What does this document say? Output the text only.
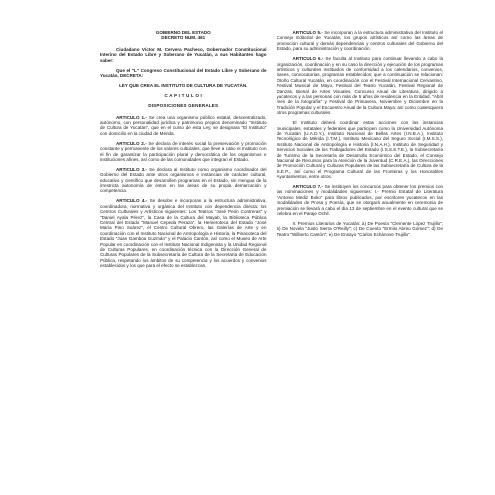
GOBIERNO DEL ESTADO

DECRETO NUM. 461

Ciudadano Víctor M. Cervera Pacheco, Gobernador Constitucional Interino del Estado Libre y Soberano de Yucatán, a sus Habitantes hago saber:

Que el "L" Congreso Constitucional del Estado Libre y Soberano de Yucatán, DECRETA:

LEY QUE CREA EL INSTITUTO DE CULTURA DE YUCATÁN.

C A P I T U L O I

DISPOSICIONES GENERALES

ARTICULO 1.- Se crea una organismo público estatal, descentralizado, autónomo, con personalidad jurídica y patrimonio propios denominado "Instituto de Cultura de Yucatán", que en el curso de esta Ley, se designara "El Instituto" con domicilio en la ciudad de Mérida.

ARTICULO 2.- Se declara de interés social la preservación y promoción constante y permanente de los valores culturales, que lleve a cabo el Instituto con el fin de garantizar la participación plural y democrática de los organismos e instituciones afines, así como de las comunidades que integran el Estado.

ARTICULO 3.- Se declara al Instituto como organismo coordinador del Gobierno del Estado ante otros organismos e instancias de carácter cultural, educativo y científico que desarrollen programas en el Estado, sin mengua de la irrestricta autonomía de éstos en las áreas de su propia demarcación y competencia.

ARTICULO 4.- Se desobe e incorporan a la estructura administrativa, coordinadora, normativa y orgánica del Instituto con dependencia directa: los Centros Culturales y Artísticos siguientes: Los Teatros "José Peón Contreras" y "Daniel Ayala Pérez", la Casa de la Cultura del Mayab, la Biblioteca Pública Central del Estado "Manuel Cepeda Peraza", la Hemeroteca del Estado "José María Pino Suárez", el Centro Cultural Obrero, las Galerías de Arte y en coordinación con el Instituto Nacional de Antropología e Historia, la Pinacoteca del Estado "Juan Gamboa Guzmán" y el Palacio Cantón, así como el Museo de Arte Popular en coordinación con el Instituto Nacional Indigenista y la Unidad Regional de Culturas Populares, en coordinación técnica con la Dirección General de Culturas Populares de la Subsecretaría de Cultura de la Secretaría de Educación Pública, respetando los ámbitos de su competencia y los acuerdos y convenios establecidos y los que para el efecto se establezcan.

ARTICULO 5.- Se incorporan a la estructura administrativa del Instituto el Consejo Editorial de Yucatán, los grupos artísticos así como las áreas de promoción cultural y demás dependencias y centros culturales del Gobierno del Estado, para su administración y coordinación.

ARTICULO 6.- Se faculta al Instituto para continuar llevando a cabo la organización, coordinación y en su caso la dirección y ejecución de los programas artísticos y culturales instituidos de conformidad a los calendarios, convenios, bases, convocatorias, programas establecidos; que a continuación se relacionan: Otoño Cultural Yucatán, en coordinación con el Festival Internacional Cervantino, Festival Musical de Mayo, Festival del Teatro Yucatán, Festival Regional de Danzas, Bienal de Artes Visuales, Concurso Anual de Literatura, dirigido a yucatecos y a las personas con más de 5 años de residencia en la Entidad. "Abril mes de la fotografía" y Festival de Primavera, Noviembre y Diciembre en la Tradición Popular y el Encuentro Anual de la Cultura Maya; así como cualesquiera otros programas culturales.

El Instituto deberá coordinar estas acciones con las instancias municipales, estatales y federales que participen como la Universidad Autónoma de Yucatán (U.A.D.Y.), Instituto Nacional de Bellas Artes (I.N.B.A.), Instituto Tecnológico de Mérida (I.T.M.), Instituto Mexicano del Seguro Social (I.M.S.S.), Instituto Nacional de Antropología e Historia (I.N.A.H.), Instituto de Seguridad y Servicios Sociales de los Trabajadores del Estado (I.S.S.S.T.E.), la Subsecretaría de Turismo de la Secretaría de Desarrollo Económico del Estado, el Consejo Nacional de Recursos para la Atención de la Juventud (C.R.E.A.), las Direcciones de Promoción Cultural y Culturas Populares de las Subsecretaría de Cultura de la S.E.P.,. así como el Programa Cultural de las Fronteras y los Honorables Ayuntamientos, entre otros.

ARTICULO 7.- Se instituyen los concursos para obtener los premios con las nominaciones y modalidades siguientes: I.- Premio Estatal de Literatura "Antonio Mediz Bolio" para libros publicados, por escritores yucatecos en las modalidades de Prosa y Poesía, que se otorgará anualmente en ceremonia de premiación se llevará a cabo el día 13 de septiembre en el evento cultural que se celebra en el Paraje Ochil.

II. Premios Literarios de Yucatán: a) De Poesía "Clemente López Trujillo"; b) De Novela "Justo Sierra O'Reilly"; c) De Cuento "Ermilo Abreu Gómez"; d) De Teatro "Wilberto Cantón"; e) De Ensayo "Carlos Echánove Trujillo".
